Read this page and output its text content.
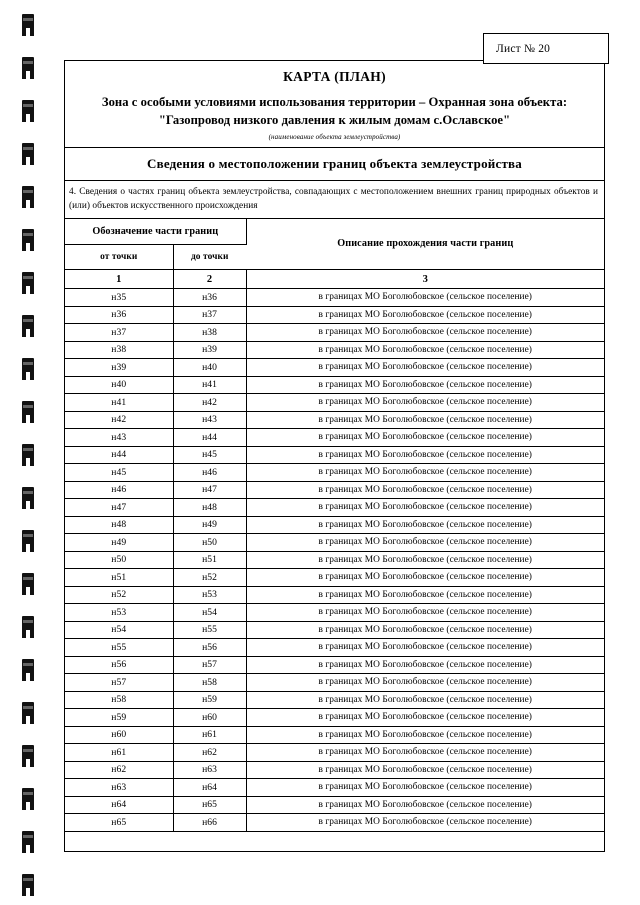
Лист № 20
КАРТА (ПЛАН)
Зона с особыми условиями использования территории – Охранная зона объекта:
"Газопровод низкого давления к жилым домам с.Ославское"
(наименование объекта землеустройства)
Сведения о местоположении границ объекта землеустройства
4. Сведения о частях границ объекта землеустройства, совпадающих с местоположением внешних границ природных объектов и (или) объектов искусственного происхождения
Обозначение части границ		Описание прохождения части границ
от точки	до точки	
1	2	3
н35	н36	в границах МО Боголюбовское (сельское поселение)
н36	н37	в границах МО Боголюбовское (сельское поселение)
н37	н38	в границах МО Боголюбовское (сельское поселение)
н38	н39	в границах МО Боголюбовское (сельское поселение)
н39	н40	в границах МО Боголюбовское (сельское поселение)
н40	н41	в границах МО Боголюбовское (сельское поселение)
н41	н42	в границах МО Боголюбовское (сельское поселение)
н42	н43	в границах МО Боголюбовское (сельское поселение)
н43	н44	в границах МО Боголюбовское (сельское поселение)
н44	н45	в границах МО Боголюбовское (сельское поселение)
н45	н46	в границах МО Боголюбовское (сельское поселение)
н46	н47	в границах МО Боголюбовское (сельское поселение)
н47	н48	в границах МО Боголюбовское (сельское поселение)
н48	н49	в границах МО Боголюбовское (сельское поселение)
н49	н50	в границах МО Боголюбовское (сельское поселение)
н50	н51	в границах МО Боголюбовское (сельское поселение)
н51	н52	в границах МО Боголюбовское (сельское поселение)
н52	н53	в границах МО Боголюбовское (сельское поселение)
н53	н54	в границах МО Боголюбовское (сельское поселение)
н54	н55	в границах МО Боголюбовское (сельское поселение)
н55	н56	в границах МО Боголюбовское (сельское поселение)
н56	н57	в границах МО Боголюбовское (сельское поселение)
н57	н58	в границах МО Боголюбовское (сельское поселение)
н58	н59	в границах МО Боголюбовское (сельское поселение)
н59	н60	в границах МО Боголюбовское (сельское поселение)
н60	н61	в границах МО Боголюбовское (сельское поселение)
н61	н62	в границах МО Боголюбовское (сельское поселение)
н62	н63	в границах МО Боголюбовское (сельское поселение)
н63	н64	в границах МО Боголюбовское (сельское поселение)
н64	н65	в границах МО Боголюбовское (сельское поселение)
н65	н66	в границах МО Боголюбовское (сельское поселение)
